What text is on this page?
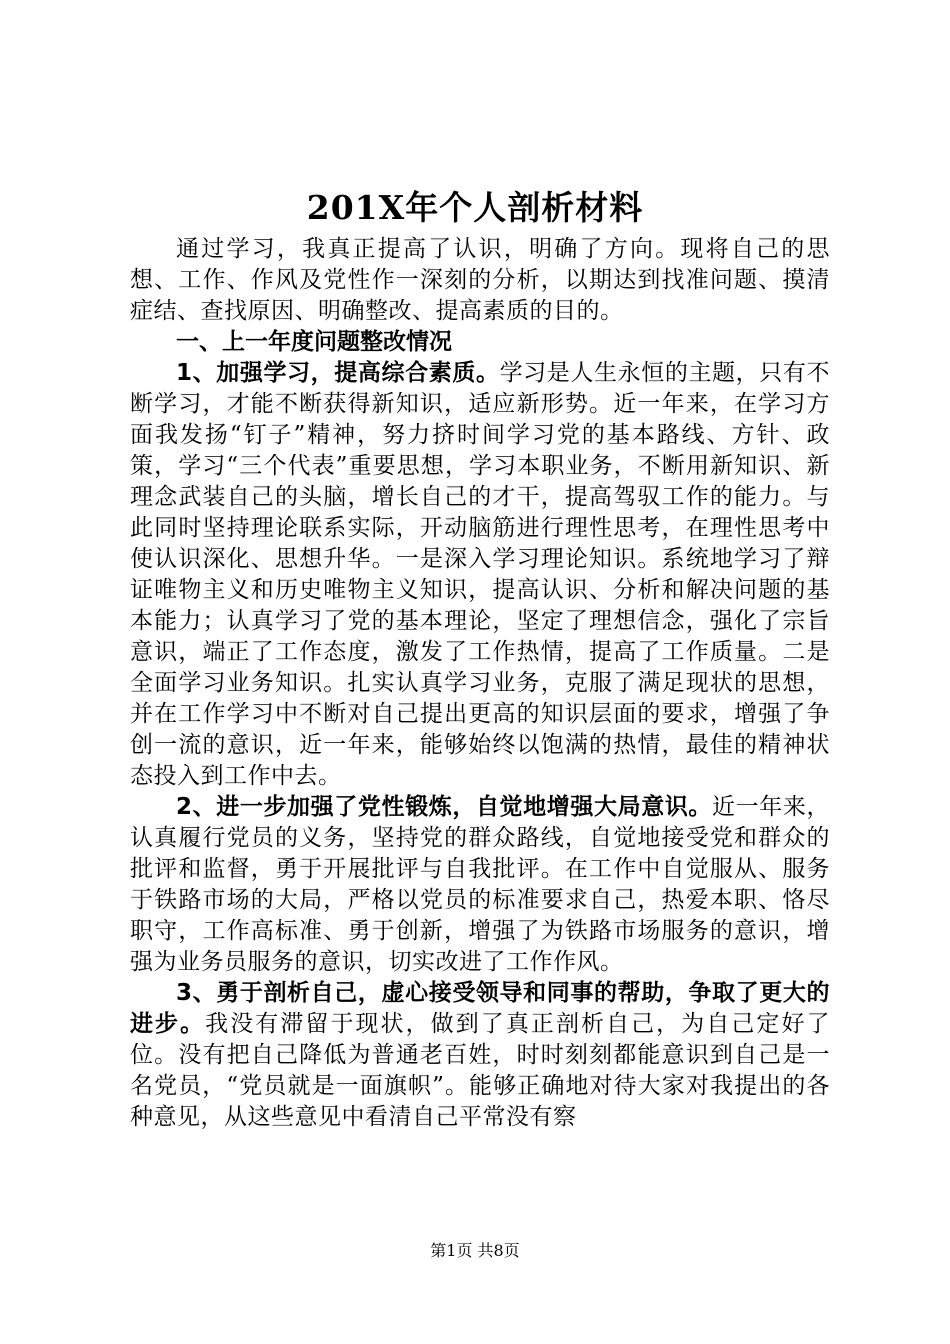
201X年个人剖析材料

通过学习，我真正提高了认识，明确了方向。现将自己的思想、工作、作风及党性作一深刻的分析，以期达到找准问题、摸清症结、查找原因、明确整改、提高素质的目的。

一、上一年度问题整改情况

1、加强学习，提高综合素质。学习是人生永恒的主题，只有不断学习，才能不断获得新知识，适应新形势。近一年来，在学习方面我发扬“钉子”精神，努力挤时间学习党的基本路线、方针、政策，学习“三个代表”重要思想，学习本职业务，不断用新知识、新理念武装自己的头脑，增长自己的才干，提高驾驭工作的能力。与此同时坚持理论联系实际，开动脑筋进行理性思考，在理性思考中使认识深化、思想升华。一是深入学习理论知识。系统地学习了辩证唯物主义和历史唯物主义知识，提高认识、分析和解决问题的基本能力；认真学习了党的基本理论，坚定了理想信念，强化了宗旨意识，端正了工作态度，激发了工作热情，提高了工作质量。二是全面学习业务知识。扎实认真学习业务，克服了满足现状的思想，并在工作学习中不断对自己提出更高的知识层面的要求，增强了争创一流的意识，近一年来，能够始终以饱满的热情，最佳的精神状态投入到工作中去。

2、进一步加强了党性锻炼，自觉地增强大局意识。近一年来，认真履行党员的义务，坚持党的群众路线，自觉地接受党和群众的批评和监督，勇于开展批评与自我批评。在工作中自觉服从、服务于铁路市场的大局，严格以党员的标准要求自己，热爱本职、恪尽职守，工作高标准、勇于创新，增强了为铁路市场服务的意识，增强为业务员服务的意识，切实改进了工作作风。

3、勇于剖析自己，虚心接受领导和同事的帮助，争取了更大的进步。我没有滞留于现状，做到了真正剖析自己，为自己定好了位。没有把自己降低为普通老百姓，时时刻刻都能意识到自己是一名党员，“党员就是一面旗帜”。能够正确地对待大家对我提出的各种意见，从这些意见中看清自己平常没有察

第1页 共8页
